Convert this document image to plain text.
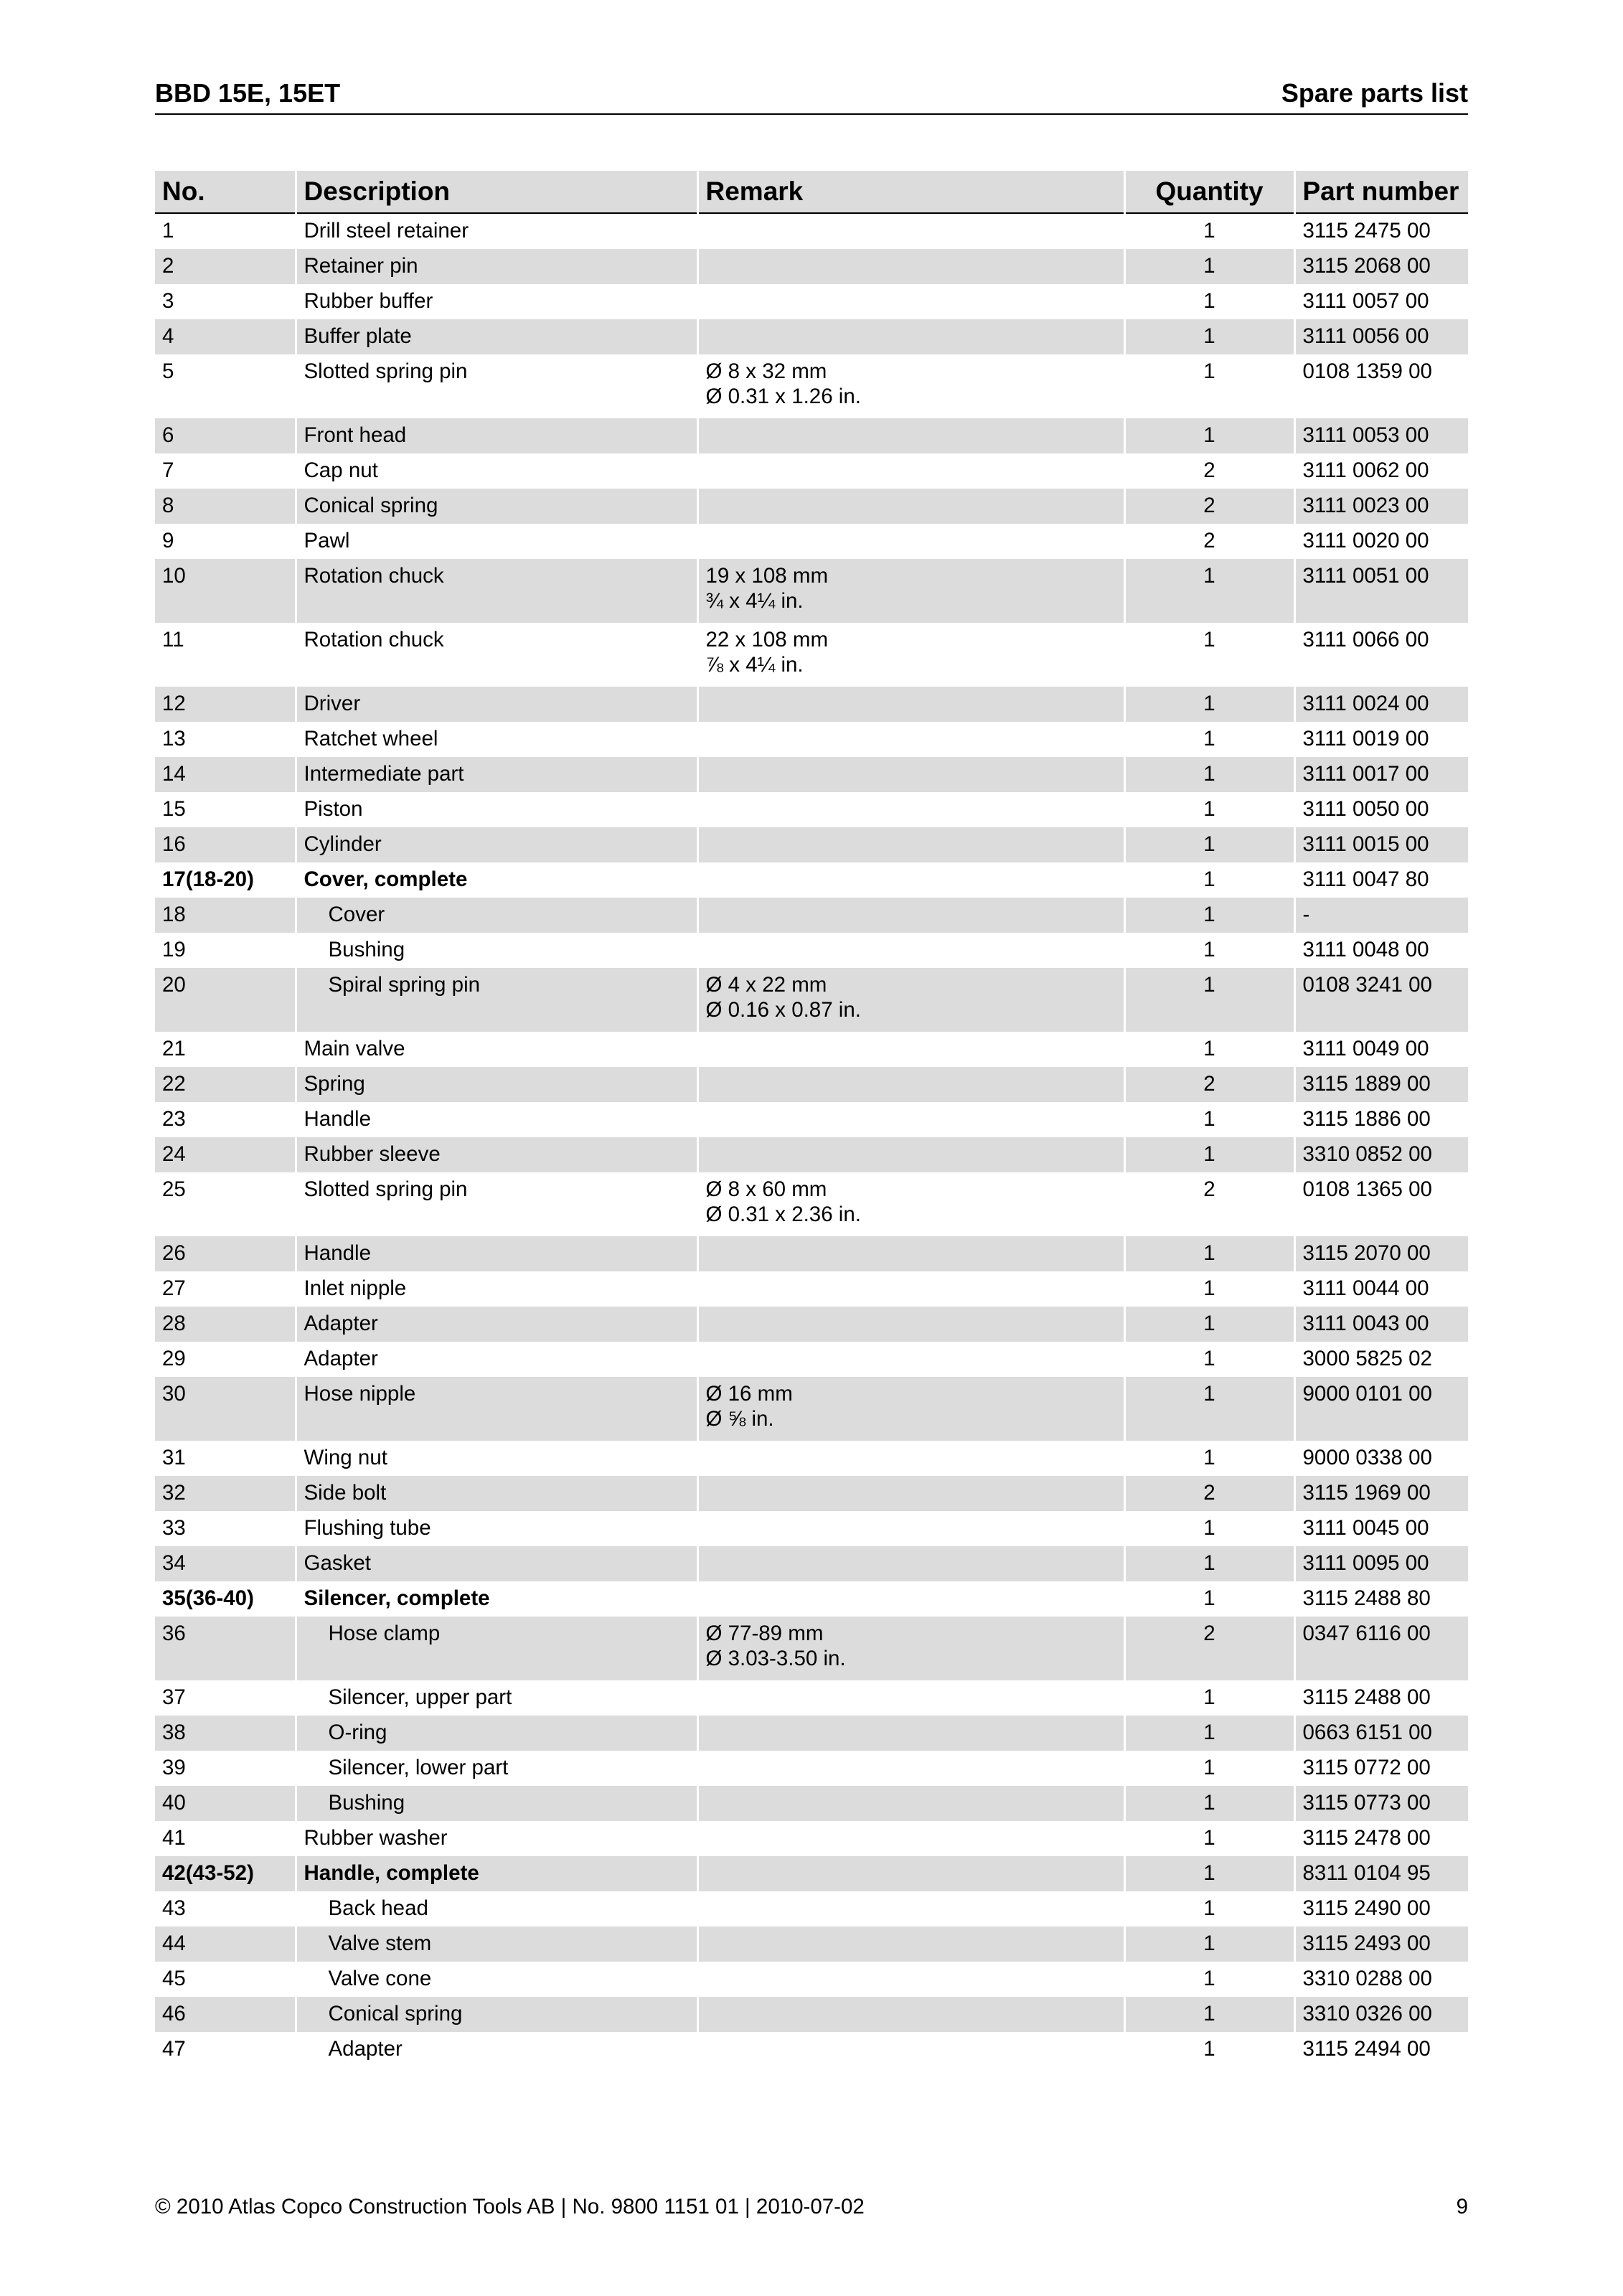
BBD 15E, 15ET	Spare parts list
No.	Description	Remark	Quantity	Part number
1	Drill steel retainer		1	3115 2475 00
2	Retainer pin		1	3115 2068 00
3	Rubber buffer		1	3111 0057 00
4	Buffer plate		1	3111 0056 00
5	Slotted spring pin	Ø 8 x 32 mm
Ø 0.31 x 1.26 in.	1	0108 1359 00
6	Front head		1	3111 0053 00
7	Cap nut		2	3111 0062 00
8	Conical spring		2	3111 0023 00
9	Pawl		2	3111 0020 00
10	Rotation chuck	19 x 108 mm
¾ x 4¼ in.	1	3111 0051 00
11	Rotation chuck	22 x 108 mm
⅞ x 4¼ in.	1	3111 0066 00
12	Driver		1	3111 0024 00
13	Ratchet wheel		1	3111 0019 00
14	Intermediate part		1	3111 0017 00
15	Piston		1	3111 0050 00
16	Cylinder		1	3111 0015 00
17(18-20)	Cover, complete		1	3111 0047 80
18	Cover		1	-
19	Bushing		1	3111 0048 00
20	Spiral spring pin	Ø 4 x 22 mm
Ø 0.16 x 0.87 in.	1	0108 3241 00
21	Main valve		1	3111 0049 00
22	Spring		2	3115 1889 00
23	Handle		1	3115 1886 00
24	Rubber sleeve		1	3310 0852 00
25	Slotted spring pin	Ø 8 x 60 mm
Ø 0.31 x 2.36 in.	2	0108 1365 00
26	Handle		1	3115 2070 00
27	Inlet nipple		1	3111 0044 00
28	Adapter		1	3111 0043 00
29	Adapter		1	3000 5825 02
30	Hose nipple	Ø 16 mm
Ø ⅝ in.	1	9000 0101 00
31	Wing nut		1	9000 0338 00
32	Side bolt		2	3115 1969 00
33	Flushing tube		1	3111 0045 00
34	Gasket		1	3111 0095 00
35(36-40)	Silencer, complete		1	3115 2488 80
36	Hose clamp	Ø 77-89 mm
Ø 3.03-3.50 in.	2	0347 6116 00
37	Silencer, upper part		1	3115 2488 00
38	O-ring		1	0663 6151 00
39	Silencer, lower part		1	3115 0772 00
40	Bushing		1	3115 0773 00
41	Rubber washer		1	3115 2478 00
42(43-52)	Handle, complete		1	8311 0104 95
43	Back head		1	3115 2490 00
44	Valve stem		1	3115 2493 00
45	Valve cone		1	3310 0288 00
46	Conical spring		1	3310 0326 00
47	Adapter		1	3115 2494 00
© 2010 Atlas Copco Construction Tools AB | No. 9800 1151 01 | 2010-07-02	9
